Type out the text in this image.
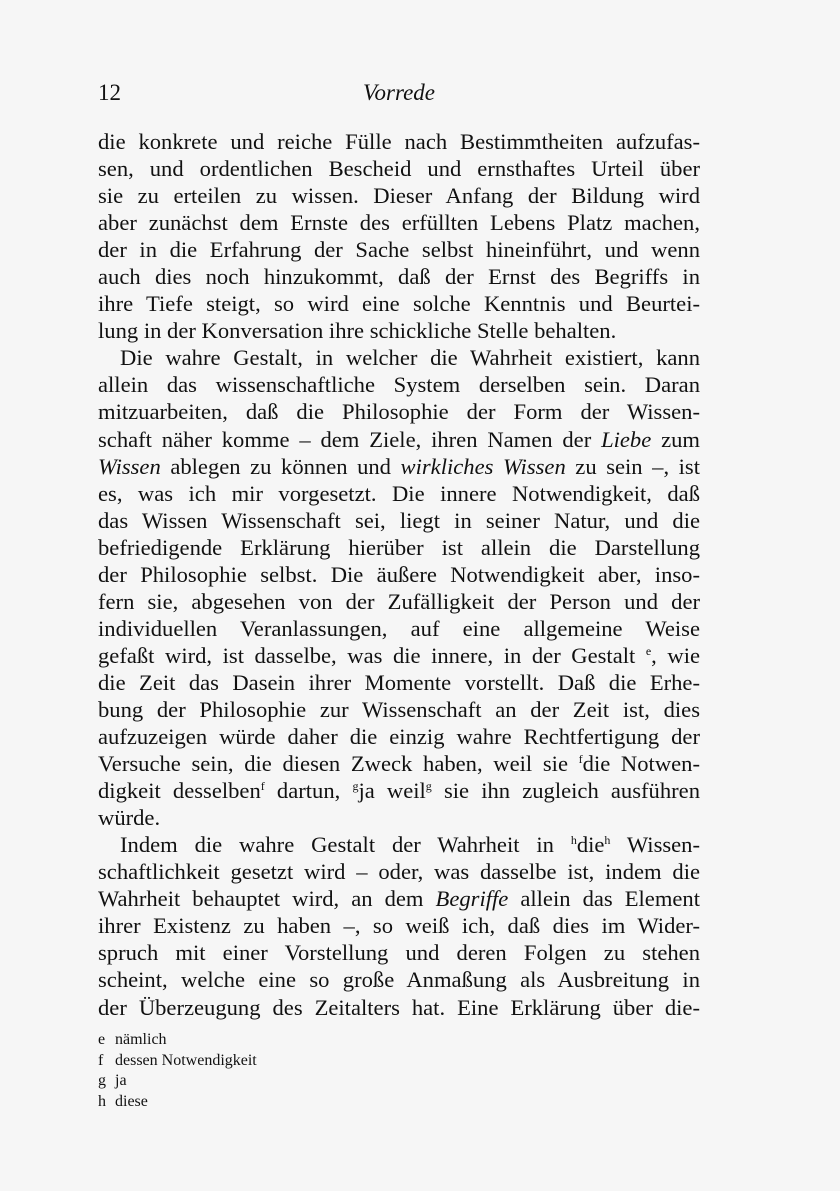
12	Vorrede
die konkrete und reiche Fülle nach Bestimmtheiten aufzufas-
sen, und ordentlichen Bescheid und ernsthaftes Urteil über
sie zu erteilen zu wissen. Dieser Anfang der Bildung wird
aber zunächst dem Ernste des erfüllten Lebens Platz machen,
der in die Erfahrung der Sache selbst hineinführt, und wenn
auch dies noch hinzukommt, daß der Ernst des Begriffs in
ihre Tiefe steigt, so wird eine solche Kenntnis und Beurtei-
lung in der Konversation ihre schickliche Stelle behalten.
Die wahre Gestalt, in welcher die Wahrheit existiert, kann
allein das wissenschaftliche System derselben sein. Daran
mitzuarbeiten, daß die Philosophie der Form der Wissen-
schaft näher komme – dem Ziele, ihren Namen der Liebe zum
Wissen ablegen zu können und wirkliches Wissen zu sein –, ist
es, was ich mir vorgesetzt. Die innere Notwendigkeit, daß
das Wissen Wissenschaft sei, liegt in seiner Natur, und die
befriedigende Erklärung hierüber ist allein die Darstellung
der Philosophie selbst. Die äußere Notwendigkeit aber, inso-
fern sie, abgesehen von der Zufälligkeit der Person und der
individuellen Veranlassungen, auf eine allgemeine Weise
gefaßt wird, ist dasselbe, was die innere, in der Gestalt $^e$, wie
die Zeit das Dasein ihrer Momente vorstellt. Daß die Erhe-
bung der Philosophie zur Wissenschaft an der Zeit ist, dies
aufzuzeigen würde daher die einzig wahre Rechtfertigung der
Versuche sein, die diesen Zweck haben, weil sie $^f$die Notwen-
digkeit desselben$^f$ dartun, $^g$ja weil$^g$ sie ihn zugleich ausführen
würde.
Indem die wahre Gestalt der Wahrheit in $^h$die$^h$ Wissen-
schaftlichkeit gesetzt wird – oder, was dasselbe ist, indem die
Wahrheit behauptet wird, an dem Begriffe allein das Element
ihrer Existenz zu haben –, so weiß ich, daß dies im Wider-
spruch mit einer Vorstellung und deren Folgen zu stehen
scheint, welche eine so große Anmaßung als Ausbreitung in
der Überzeugung des Zeitalters hat. Eine Erklärung über die-
e nämlich
f dessen Notwendigkeit
g ja
h diese
